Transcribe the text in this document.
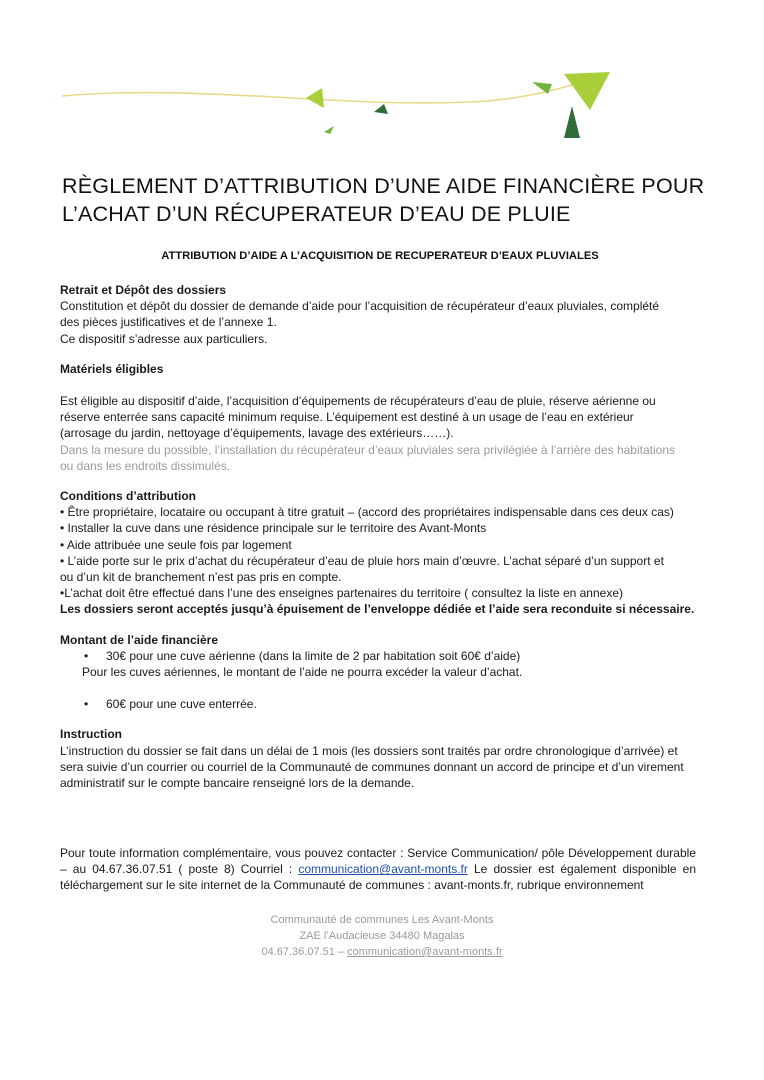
RÈGLEMENT D’ATTRIBUTION D’UNE AIDE FINANCIÈRE POUR
L’ACHAT D’UN RÉCUPERATEUR D’EAU DE PLUIE
ATTRIBUTION D’AIDE A L’ACQUISITION DE RECUPERATEUR D’EAUX PLUVIALES

Retrait et Dépôt des dossiers

Constitution et dépôt du dossier de demande d’aide pour l’acquisition de récupérateur d’eaux pluviales, complété

des pièces justificatives et de l’annexe 1.

Ce dispositif s’adresse aux particuliers.

Matériels éligibles

Est éligible au dispositif d’aide, l’acquisition d’équipements de récupérateurs d’eau de pluie, réserve aérienne ou

réserve enterrée sans capacité minimum requise. L’équipement est destiné à un usage de l’eau en extérieur

(arrosage du jardin, nettoyage d’équipements, lavage des extérieurs……).

Dans la mesure du possible, l’installation du récupérateur d’eaux pluviales sera privilégiée à l’arrière des habitations

ou dans les endroits dissimulés.

Conditions d’attribution

• Être propriétaire, locataire ou occupant à titre gratuit – (accord des propriétaires indispensable dans ces deux cas)

• Installer la cuve dans une résidence principale sur le territoire des Avant-Monts

• Aide attribuée une seule fois par logement

• L’aide porte sur le prix d’achat du récupérateur d’eau de pluie hors main d’œuvre. L’achat séparé d’un support et

ou d’un kit de branchement n’est pas pris en compte.

•L’achat doit être effectué dans l’une des enseignes partenaires du territoire ( consultez la liste en annexe)

Les dossiers seront acceptés jusqu’à épuisement de l’enveloppe dédiée et l’aide sera reconduite si nécessaire.

Montant de l’aide financière

•	30€ pour une cuve aérienne (dans la limite de 2 par habitation soit 60€ d’aide)

Pour les cuves aériennes, le montant de l’aide ne pourra excéder la valeur d’achat.

•	60€ pour une cuve enterrée.

Instruction

L’instruction du dossier se fait dans un délai de 1 mois (les dossiers sont traités par ordre chronologique d’arrivée) et

sera suivie d’un courrier ou courriel de la Communauté de communes donnant un accord de principe et d’un virement

administratif sur le compte bancaire renseigné lors de la demande.

Pour toute information complémentaire, vous pouvez contacter : Service Communication/ pôle Développement durable – au 04.67.36.07.51 ( poste 8) Courriel : communication@avant-monts.fr Le dossier est également disponible en téléchargement sur le site internet de la Communauté de communes : avant-monts.fr, rubrique environnement
Communauté de communes Les Avant-Monts
ZAE l’Audacieuse 34480 Magalas
04.67.36.07.51 – communication@avant-monts.fr
